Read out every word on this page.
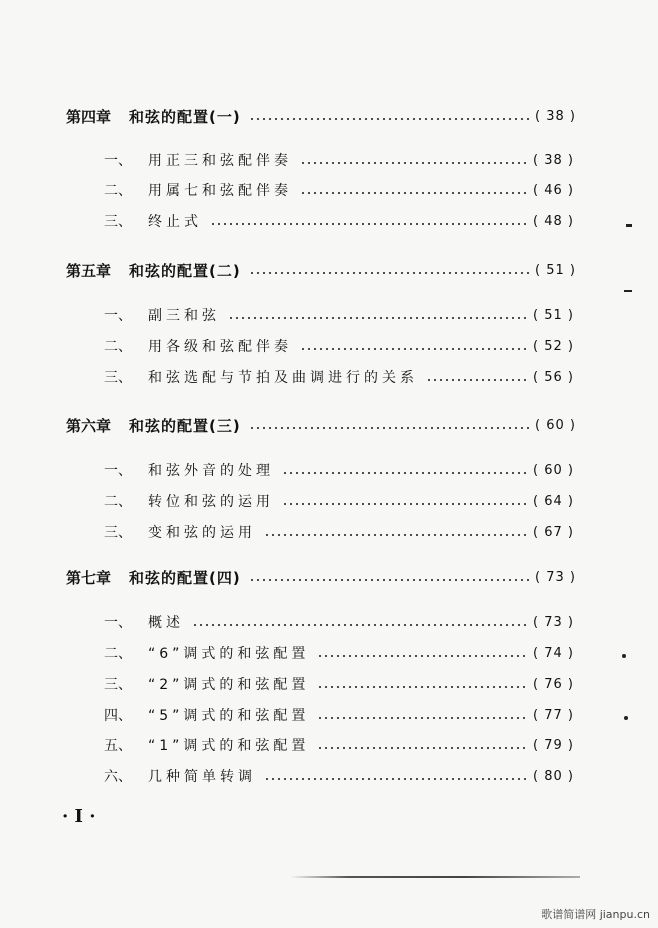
第四章 和弦的配置(一)	( 38 )
一、 用正三和弦配伴奏	( 38 )
二、 用属七和弦配伴奏	( 46 )
三、 终止式	( 48 )
第五章 和弦的配置(二)	( 51 )
一、 副三和弦	( 51 )
二、 用各级和弦配伴奏	( 52 )
三、 和弦选配与节拍及曲调进行的关系	( 56 )
第六章 和弦的配置(三)	( 60 )
一、 和弦外音的处理	( 60 )
二、 转位和弦的运用	( 64 )
三、 变和弦的运用	( 67 )
第七章 和弦的配置(四)	( 73 )
一、 概述	( 73 )
二、 “6”调式的和弦配置	( 74 )
三、 “2”调式的和弦配置	( 76 )
四、 “5”调式的和弦配置	( 77 )
五、 “1”调式的和弦配置	( 79 )
六、 几种简单转调	( 80 )
· I ·
歌谱简谱网 jianpu.cn
